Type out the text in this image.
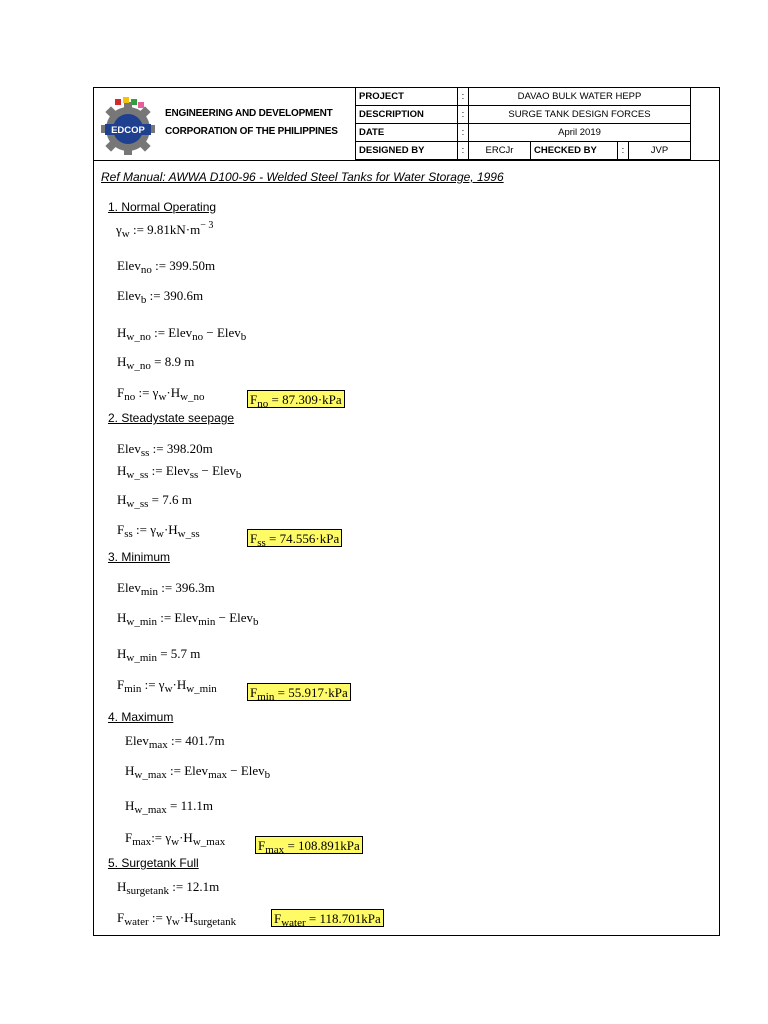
EDCOP
ENGINEERING AND DEVELOPMENT
CORPORATION OF THE PHILIPPINES
PROJECT	:	DAVAO BULK WATER HEPP			
DESCRIPTION	:	SURGE TANK DESIGN FORCES			
DATE	:	April 2019			
DESIGNED BY	:	ERCJr	CHECKED BY	:	JVP
Ref Manual: AWWA D100-96 - Welded Steel Tanks for Water Storage, 1996
1. Normal Operating
$\gamma_w$ := $9.81kN\cdot m^{- 3}$
Elev$_{no}$ := 399.50m
Elev$_b$ := 390.6m
$H_{w\_no}$ := Elev$_{no}$ − Elev$_b$
$H_{w\_no} = 8.9$ m
$F_{no}$ := $\gamma_w\cdot H_{w\_no}$	$F_{no} = 87.309\cdot kPa$
2. Steadystate seepage
Elev$_{ss}$ := 398.20m
$H_{w\_ss}$ := Elev$_{ss}$ − Elev$_b$
$H_{w\_ss} = 7.6$ m
$F_{ss}$ := $\gamma_w\cdot H_{w\_ss}$	$F_{ss} = 74.556\cdot kPa$
3. Minimum
Elev$_{min}$ := 396.3m
$H_{w\_min}$ := Elev$_{min}$ − Elev$_b$
$H_{w\_min} = 5.7$ m
$F_{min}$ := $\gamma_w\cdot H_{w\_min}$	$F_{min} = 55.917\cdot kPa$
4. Maximum
Elev$_{max}$ := 401.7m
$H_{w\_max}$ := Elev$_{max}$ − Elev$_b$
$H_{w\_max} = 11.1m$
$F_{max}:= \gamma_w\cdot H_{w\_max}$	$F_{max} = 108.891kPa$
5. Surgetank Full
$H_{surgetank}$ := 12.1m
$F_{water}$ := $\gamma_w\cdot H_{surgetank}$	$F_{water} = 118.701kPa$
